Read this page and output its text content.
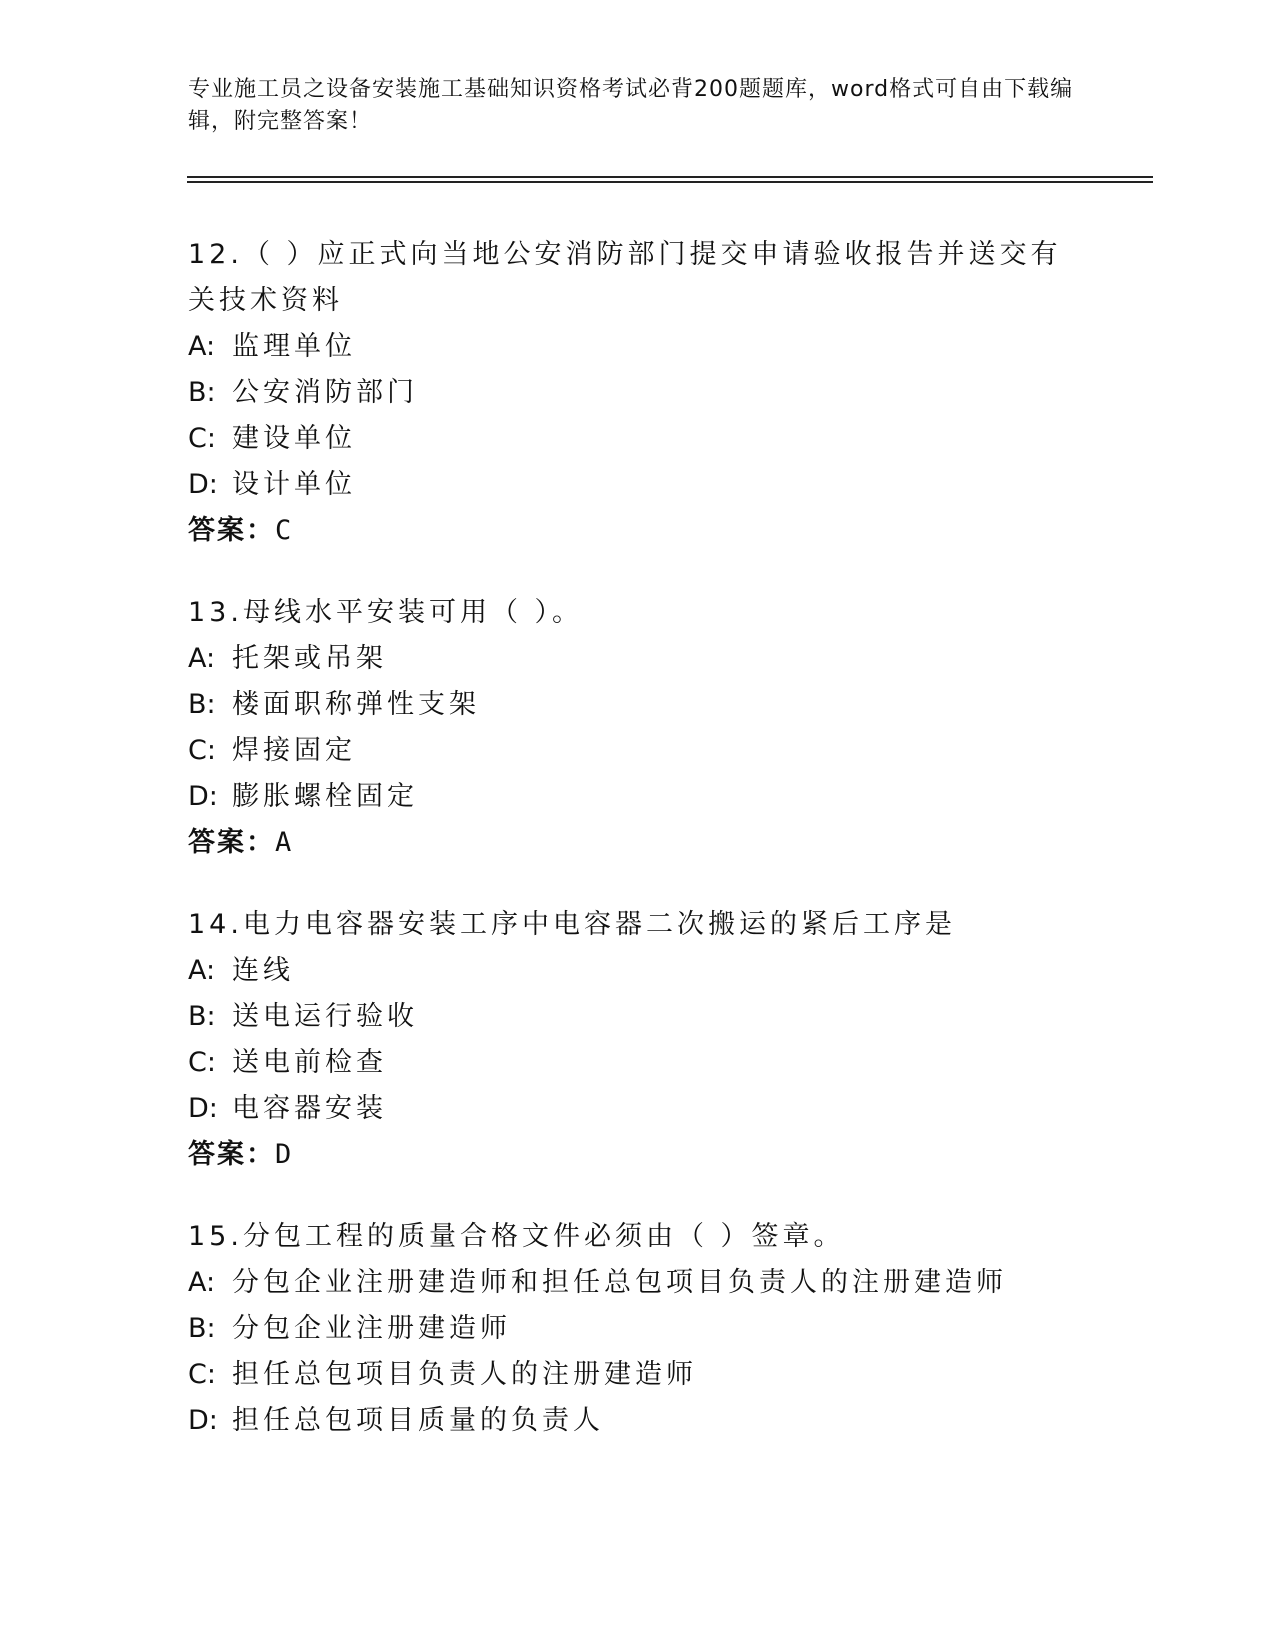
专业施工员之设备安装施工基础知识资格考试必背200题题库，word格式可自由下载编辑，附完整答案！

12.（ ）应正式向当地公安消防部门提交申请验收报告并送交有关技术资料

A: 监理单位

B: 公安消防部门

C: 建设单位

D: 设计单位

答案：C

13.母线水平安装可用（ ）。

A: 托架或吊架

B: 楼面职称弹性支架

C: 焊接固定

D: 膨胀螺栓固定

答案：A

14.电力电容器安装工序中电容器二次搬运的紧后工序是

A: 连线

B: 送电运行验收

C: 送电前检查

D: 电容器安装

答案：D

15.分包工程的质量合格文件必须由（ ）签章。

A: 分包企业注册建造师和担任总包项目负责人的注册建造师

B: 分包企业注册建造师

C: 担任总包项目负责人的注册建造师

D: 担任总包项目质量的负责人
